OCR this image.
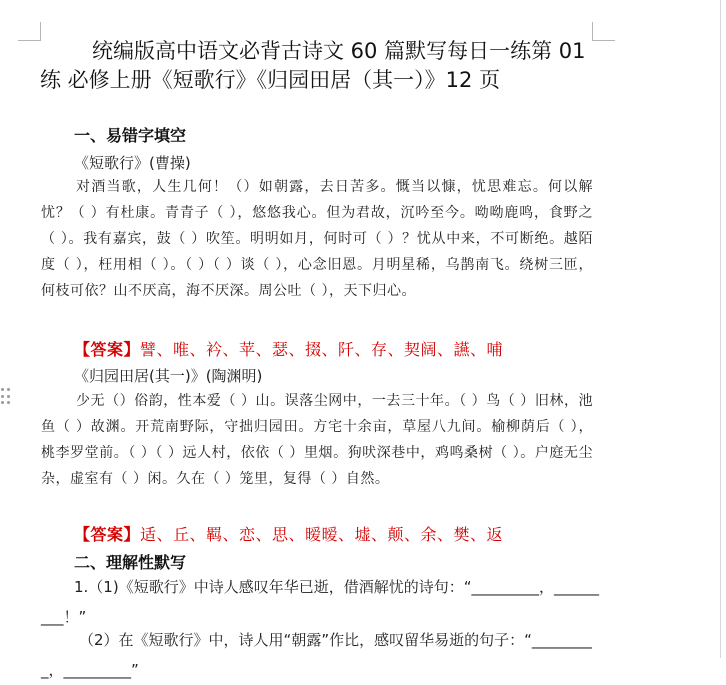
统编版高中语文必背古诗文 60 篇默写每日一练第 01 练 必修上册《短歌行》《归园田居（其一）》12 页
一、易错字填空
《短歌行》(曹操)
对酒当歌，人生几何！（）如朝露，去日苦多。慨当以慷，忧思难忘。何以解忧？（ ）有杜康。青青子（ ），悠悠我心。但为君故，沉吟至今。呦呦鹿鸣，食野之（ ）。我有嘉宾，鼓（ ）吹笙。明明如月，何时可（ ）？忧从中来，不可断绝。越陌度（ ），枉用相（ ）。（ ）（ ）谈（ ），心念旧恩。月明星稀，乌鹊南飞。绕树三匝，何枝可依？山不厌高，海不厌深。周公吐（ ），天下归心。
【答案】譬、唯、衿、苹、瑟、掇、阡、存、契阔、讌、哺
《归园田居(其一)》(陶渊明)
少无（）俗韵，性本爱（ ）山。误落尘网中，一去三十年。（ ）鸟（ ）旧林，池鱼（ ）故渊。开荒南野际，守拙归园田。方宅十余亩，草屋八九间。榆柳荫后（ ），桃李罗堂前。（ ）（ ）远人村，依依（ ）里烟。狗吠深巷中，鸡鸣桑树（ ）。户庭无尘杂，虚室有（ ）闲。久在（ ）笼里，复得（ ）自然。
【答案】适、丘、羁、恋、思、暧暧、墟、颠、余、樊、返
二、理解性默写
1.（1)《短歌行》中诗人感叹年华已逝，借酒解忧的诗句：“_________，_________！”
（2）在《短歌行》中，诗人用“朝露”作比，感叹留华易逝的句子：“_________，_________”
